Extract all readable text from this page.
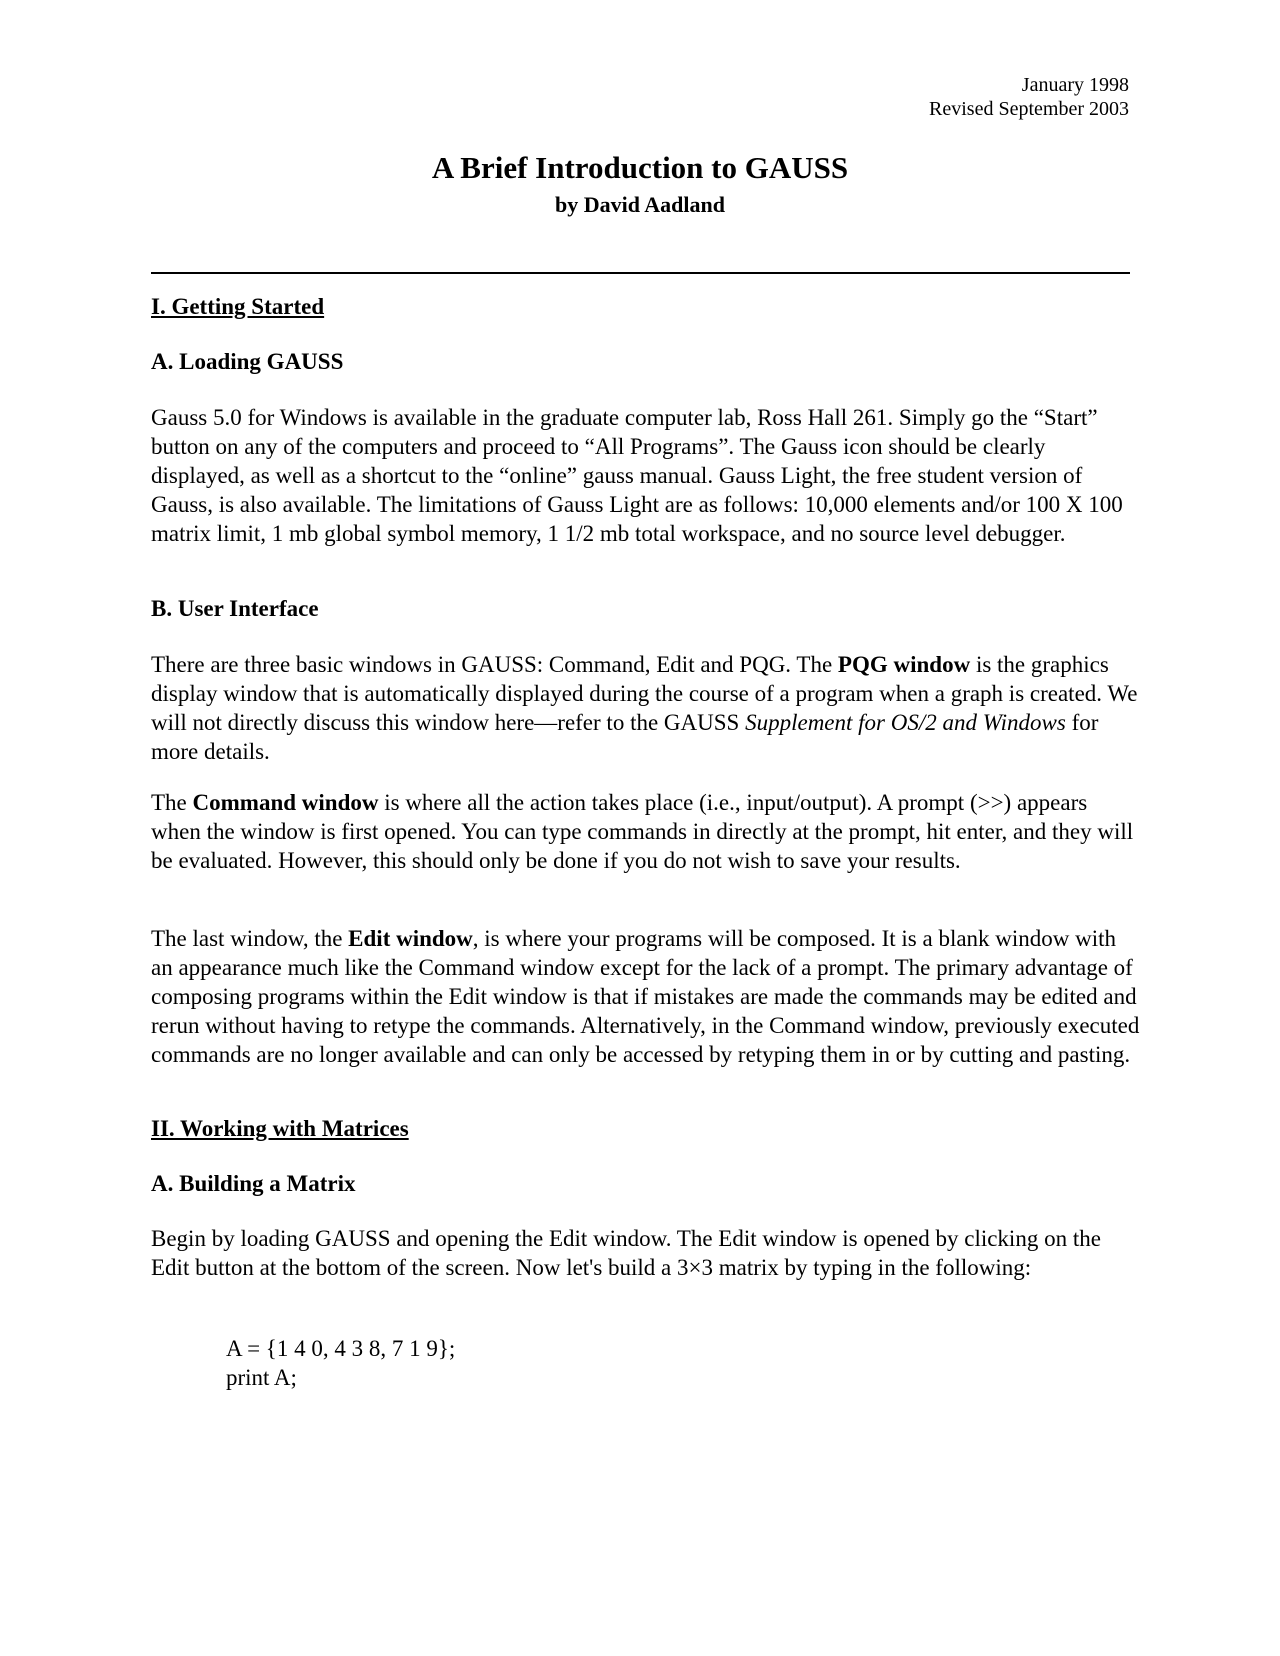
January 1998
Revised September 2003
A Brief Introduction to GAUSS
by David Aadland
I. Getting Started
A. Loading GAUSS

Gauss 5.0 for Windows is available in the graduate computer lab, Ross Hall 261. Simply go the “Start” button on any of the computers and proceed to “All Programs”. The Gauss icon should be clearly displayed, as well as a shortcut to the “online” gauss manual. Gauss Light, the free student version of Gauss, is also available. The limitations of Gauss Light are as follows: 10,000 elements and/or 100 X 100 matrix limit, 1 mb global symbol memory, 1 1/2 mb total workspace, and no source level debugger.

B. User Interface

There are three basic windows in GAUSS: Command, Edit and PQG. The PQG window is the graphics display window that is automatically displayed during the course of a program when a graph is created. We will not directly discuss this window here—refer to the GAUSS Supplement for OS/2 and Windows for more details.

The Command window is where all the action takes place (i.e., input/output). A prompt (>>) appears when the window is first opened. You can type commands in directly at the prompt, hit enter, and they will be evaluated. However, this should only be done if you do not wish to save your results.

The last window, the Edit window, is where your programs will be composed. It is a blank window with an appearance much like the Command window except for the lack of a prompt. The primary advantage of composing programs within the Edit window is that if mistakes are made the commands may be edited and rerun without having to retype the commands. Alternatively, in the Command window, previously executed commands are no longer available and can only be accessed by retyping them in or by cutting and pasting.

II. Working with Matrices
A. Building a Matrix

Begin by loading GAUSS and opening the Edit window. The Edit window is opened by clicking on the Edit button at the bottom of the screen. Now let's build a 3×3 matrix by typing in the following:

A = {1 4 0, 4 3 8, 7 1 9};
print A;
